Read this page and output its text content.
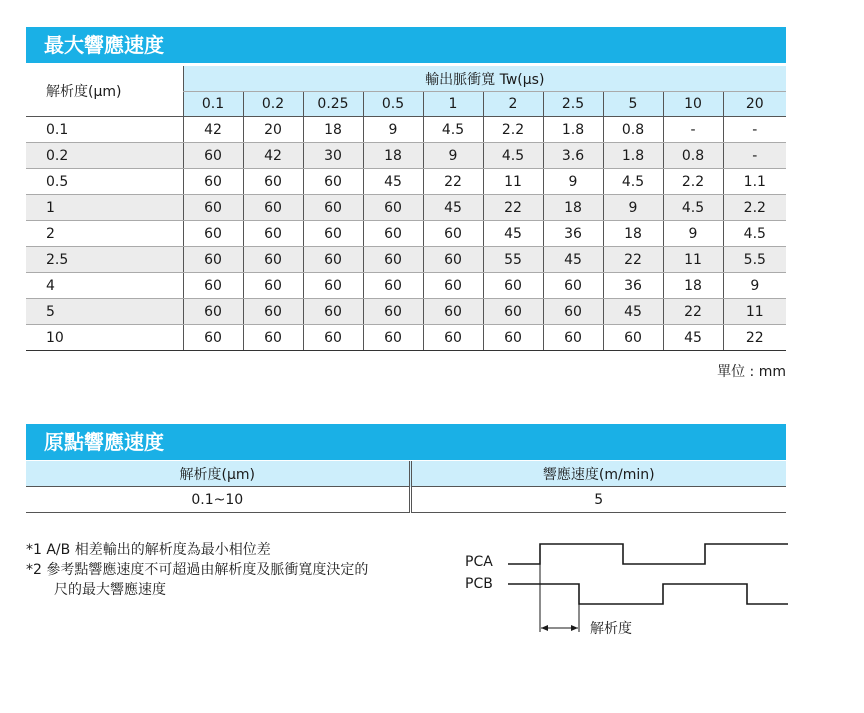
最大響應速度
解析度(µm)	輸出脈衝寬 Tw(µs)									
	0.1	0.2	0.25	0.5	1	2	2.5	5	10	20
0.1	42	20	18	9	4.5	2.2	1.8	0.8	-	-
0.2	60	42	30	18	9	4.5	3.6	1.8	0.8	-
0.5	60	60	60	45	22	11	9	4.5	2.2	1.1
1	60	60	60	60	45	22	18	9	4.5	2.2
2	60	60	60	60	60	45	36	18	9	4.5
2.5	60	60	60	60	60	55	45	22	11	5.5
4	60	60	60	60	60	60	60	36	18	9
5	60	60	60	60	60	60	60	45	22	11
10	60	60	60	60	60	60	60	60	45	22
單位 : mm
原點響應速度
解析度(µm)	響應速度(m/min)
0.1~10	5
*1 A/B 相差輸出的解析度為最小相位差
*2 參考點響應速度不可超過由解析度及脈衝寬度決定的
尺的最大響應速度
PCA
PCB
解析度
